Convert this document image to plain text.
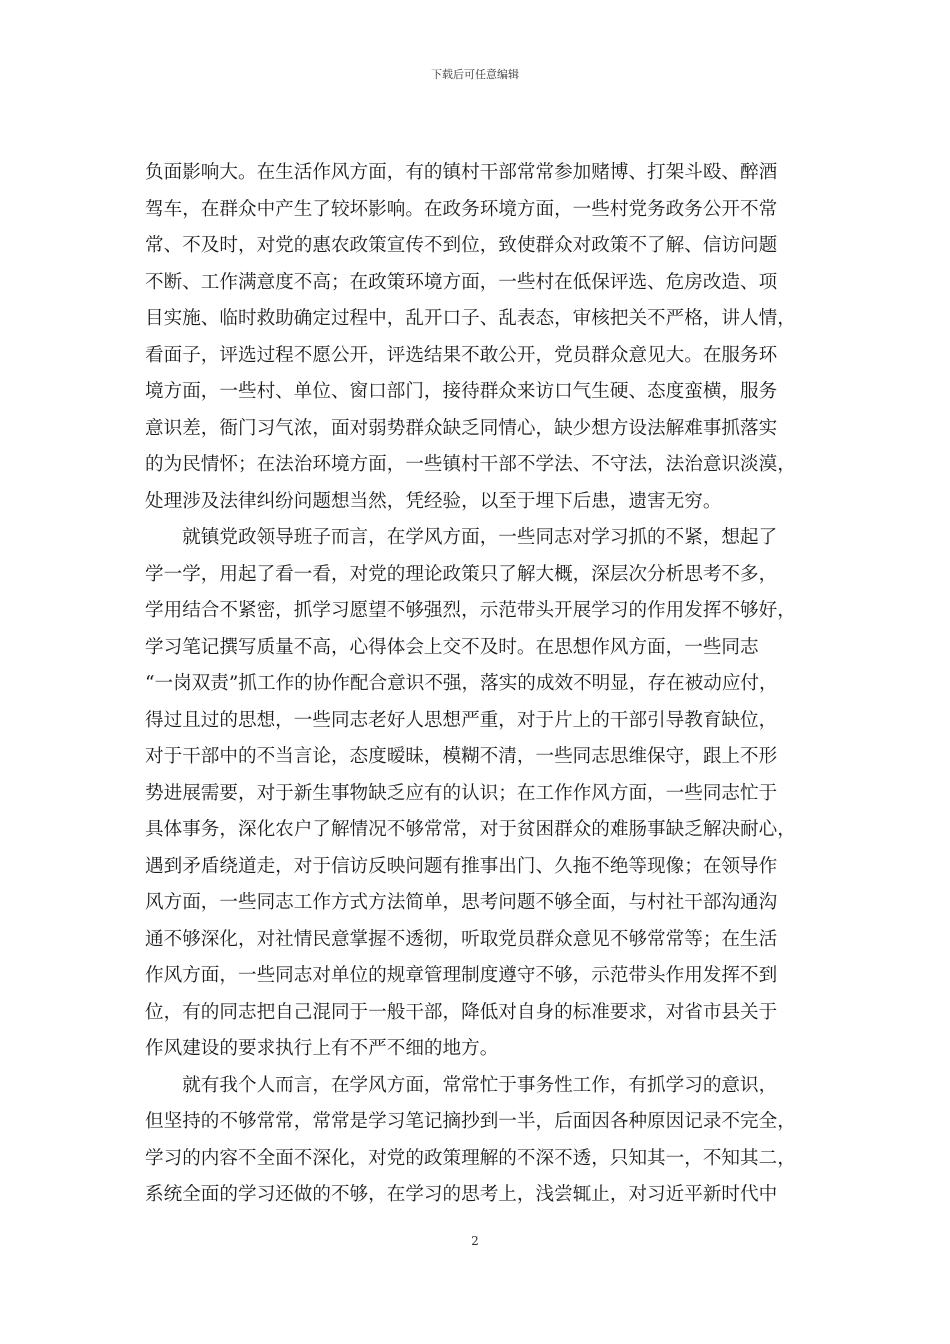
下载后可任意编辑
负面影响大。在生活作风方面，有的镇村干部常常参加赌博、打架斗殴、醉酒
驾车，在群众中产生了较坏影响。在政务环境方面，一些村党务政务公开不常
常、不及时，对党的惠农政策宣传不到位，致使群众对政策不了解、信访问题
不断、工作满意度不高；在政策环境方面，一些村在低保评选、危房改造、项
目实施、临时救助确定过程中，乱开口子、乱表态，审核把关不严格，讲人情，
看面子，评选过程不愿公开，评选结果不敢公开，党员群众意见大。在服务环
境方面，一些村、单位、窗口部门，接待群众来访口气生硬、态度蛮横，服务
意识差，衙门习气浓，面对弱势群众缺乏同情心，缺少想方设法解难事抓落实
的为民情怀；在法治环境方面，一些镇村干部不学法、不守法，法治意识淡漠，
处理涉及法律纠纷问题想当然，凭经验，以至于埋下后患，遗害无穷。
就镇党政领导班子而言，在学风方面，一些同志对学习抓的不紧，想起了
学一学，用起了看一看，对党的理论政策只了解大概，深层次分析思考不多，
学用结合不紧密，抓学习愿望不够强烈，示范带头开展学习的作用发挥不够好，
学习笔记撰写质量不高，心得体会上交不及时。在思想作风方面，一些同志
“一岗双责”抓工作的协作配合意识不强，落实的成效不明显，存在被动应付，
得过且过的思想，一些同志老好人思想严重，对于片上的干部引导教育缺位，
对于干部中的不当言论，态度暧昧，模糊不清，一些同志思维保守，跟上不形
势进展需要，对于新生事物缺乏应有的认识；在工作作风方面，一些同志忙于
具体事务，深化农户了解情况不够常常，对于贫困群众的难肠事缺乏解决耐心，
遇到矛盾绕道走，对于信访反映问题有推事出门、久拖不绝等现像；在领导作
风方面，一些同志工作方式方法简单，思考问题不够全面，与村社干部沟通沟
通不够深化，对社情民意掌握不透彻，听取党员群众意见不够常常等；在生活
作风方面，一些同志对单位的规章管理制度遵守不够，示范带头作用发挥不到
位，有的同志把自己混同于一般干部，降低对自身的标准要求，对省市县关于
作风建设的要求执行上有不严不细的地方。
就有我个人而言，在学风方面，常常忙于事务性工作，有抓学习的意识，
但坚持的不够常常，常常是学习笔记摘抄到一半，后面因各种原因记录不完全，
学习的内容不全面不深化，对党的政策理解的不深不透，只知其一，不知其二，
系统全面的学习还做的不够，在学习的思考上，浅尝辄止，对习近平新时代中
2
